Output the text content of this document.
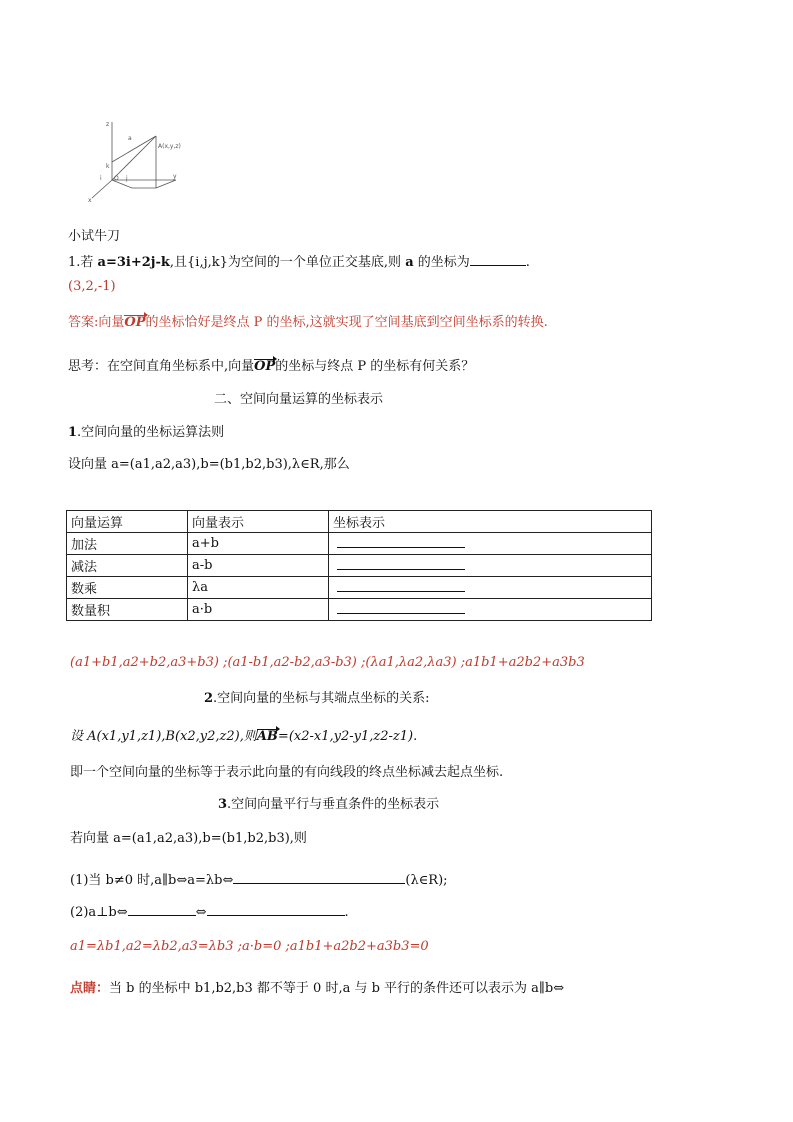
z
y
x
a
A(x,y,z)
k
i O j
小试牛刀
1.若 a=3i+2j-k,且{i,j,k}为空间的一个单位正交基底,则 a 的坐标为	.
(3,2,-1)
答案:向量OP的坐标恰好是终点 P 的坐标,这就实现了空间基底到空间坐标系的转换.
思考：在空间直角坐标系中,向量OP的坐标与终点 P 的坐标有何关系？
二、空间向量运算的坐标表示
1.空间向量的坐标运算法则
设向量 a=(a1,a2,a3),b=(b1,b2,b3),λ∈R,那么
向量运算	向量表示	坐标表示
加法	a+b	
减法	a-b	
数乘	λa	
数量积	a·b	
(a1+b1,a2+b2,a3+b3) ;(a1-b1,a2-b2,a3-b3) ;(λa1,λa2,λa3) ;a1b1+a2b2+a3b3
2.空间向量的坐标与其端点坐标的关系:
设 A(x1,y1,z1),B(x2,y2,z2),则AB=(x2-x1,y2-y1,z2-z1).
即一个空间向量的坐标等于表示此向量的有向线段的终点坐标减去起点坐标.
3.空间向量平行与垂直条件的坐标表示
若向量 a=(a1,a2,a3),b=(b1,b2,b3),则
(1)当 b≠0 时,a∥b⇔a=λb⇔	(λ∈R);
(2)a⊥b⇔	⇔	.
a1=λb1,a2=λb2,a3=λb3 ;a·b=0 ;a1b1+a2b2+a3b3=0
点睛：当 b 的坐标中 b1,b2,b3 都不等于 0 时,a 与 b 平行的条件还可以表示为 a∥b⇔
